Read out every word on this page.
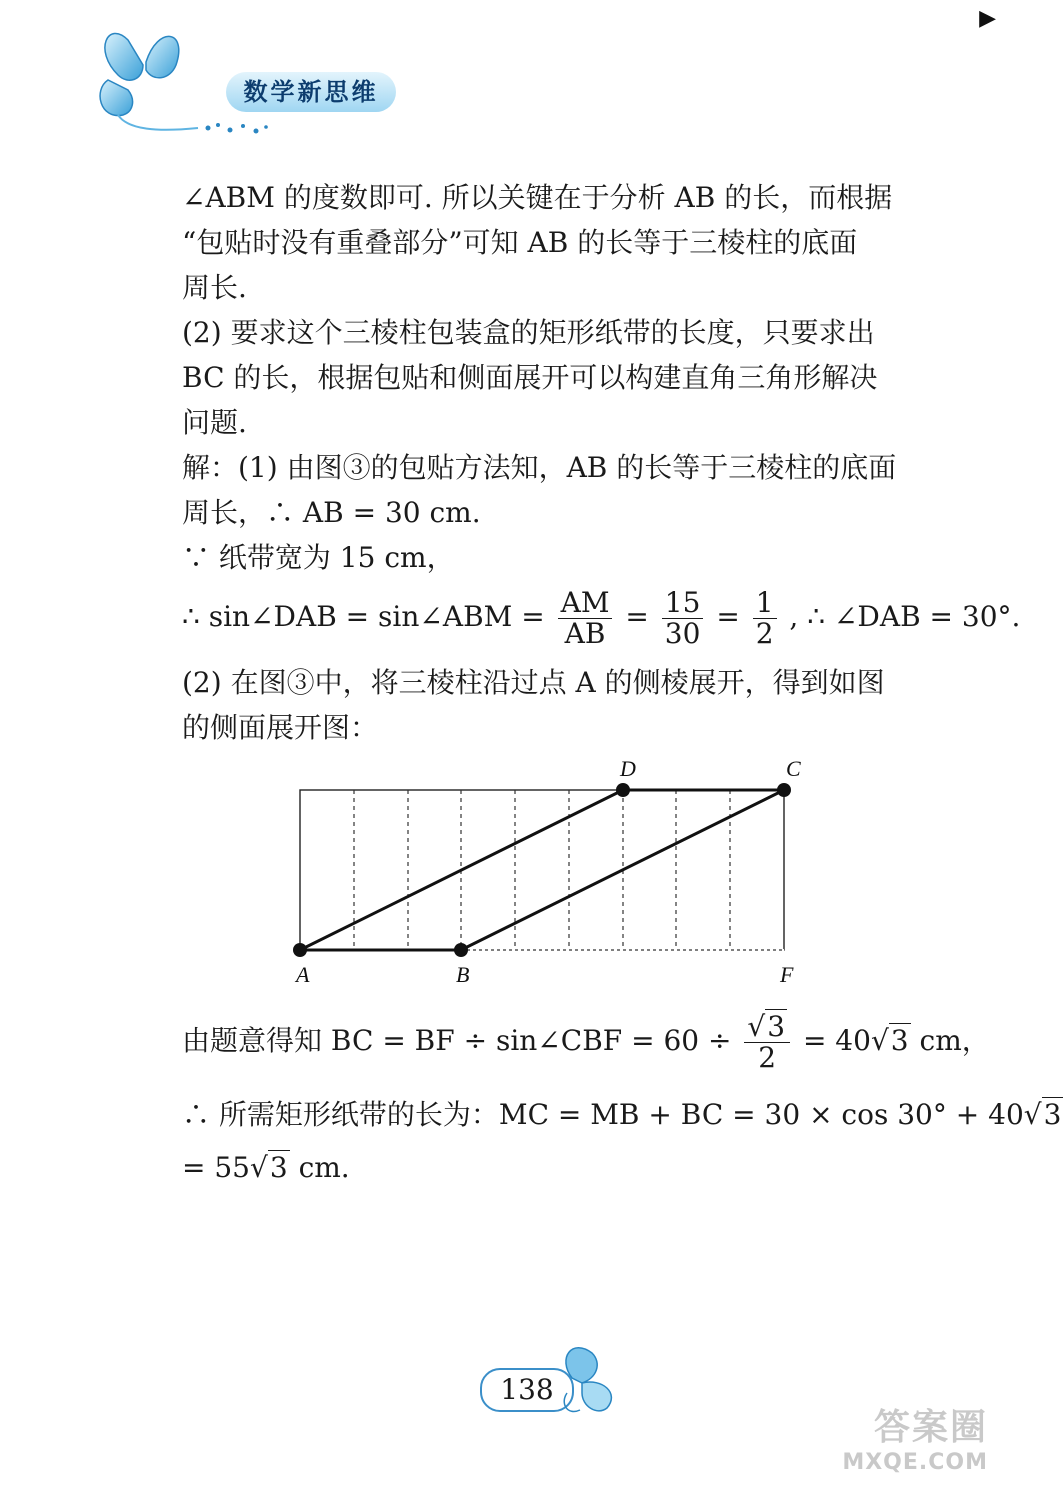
数学新思维
▶
∠ABM 的度数即可. 所以关键在于分析 AB 的长，而根据
“包贴时没有重叠部分”可知 AB 的长等于三棱柱的底面
周长.
(2) 要求这个三棱柱包装盒的矩形纸带的长度，只要求出
BC 的长，根据包贴和侧面展开可以构建直角三角形解决
问题.
解：(1) 由图③的包贴方法知，AB 的长等于三棱柱的底面
周长，∴ AB = 30 cm.
∵ 纸带宽为 15 cm，
∴ sin∠DAB = sin∠ABM = $\frac{AM}{AB} = \frac{15}{30} = \frac{1}{2}$ , ∴ ∠DAB = 30°.
(2) 在图③中，将三棱柱沿过点 A 的侧棱展开，得到如图
的侧面展开图：
A	B	F
D	C
由题意得知 BC = BF ÷ sin∠CBF = $60 \div \frac{√3}{2} = 40√3$ cm，
∴ 所需矩形纸带的长为：MC = MB + BC = 30 × cos 30° + 40√3
= 55√3 cm.
138
答案圈
MXQE.COM
